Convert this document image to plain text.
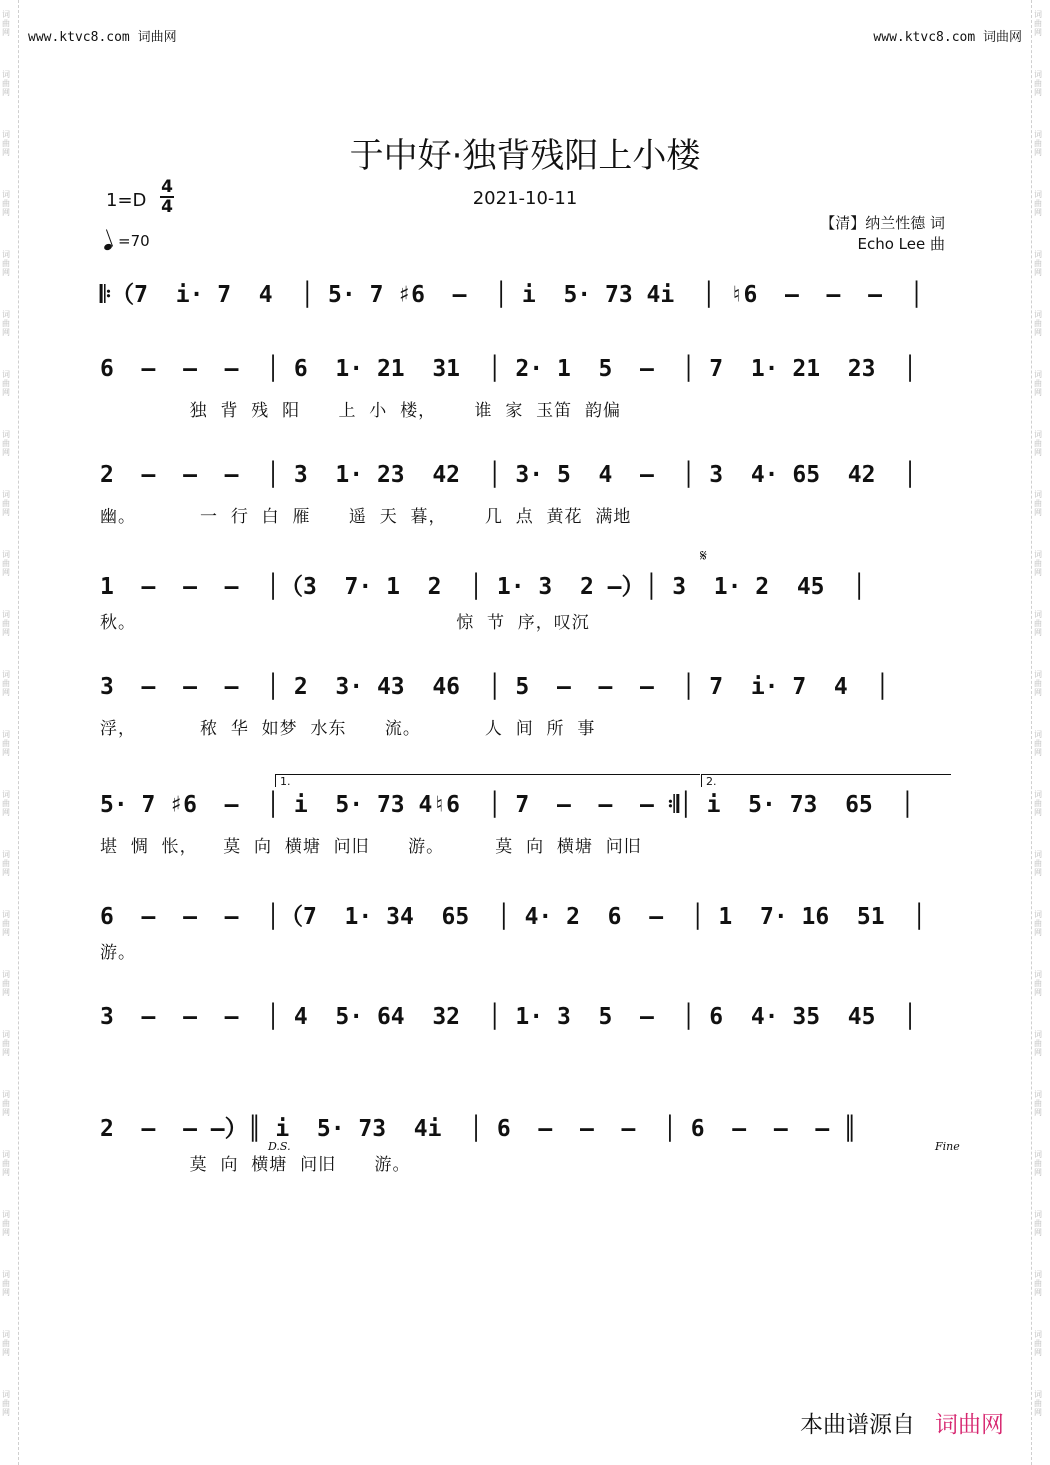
词曲网
词曲网
词曲网
词曲网
词曲网
词曲网
词曲网
词曲网
词曲网
词曲网
词曲网
词曲网
词曲网
词曲网
词曲网
词曲网
词曲网
词曲网
词曲网
词曲网
词曲网
词曲网
词曲网
词曲网
词曲网
词曲网
词曲网
词曲网
词曲网
词曲网
词曲网
词曲网
词曲网
词曲网
词曲网
词曲网
词曲网
词曲网
词曲网
词曲网
词曲网
词曲网
词曲网
词曲网
词曲网
词曲网
词曲网
词曲网
www.ktvc8.com 词曲网	www.ktvc8.com 词曲网
于中好·独背残阳上小楼
2021-10-11
$1=D \frac{4}{4}$
=70
【清】纳兰性德 词
Echo Lee 曲
𝄆（7  i· 7  4  │ 5· 7 ♯6  –  │ i  5· 73 4i  │ ♮6  –  –  –  │
6  –  –  –  │ 6  1· 21  31  │ 2· 1  5  –  │ 7  1· 21  23  │
独  背  残  阳      上  小  楼，      谁  家  玉笛  韵偏
2  –  –  –  │ 3  1· 23  42  │ 3· 5  4  –  │ 3  4· 65  42  │
幽。          一  行  白  雁      遥  天  暮，      几  点  黄花  满地
𝄋
1  –  –  –  │（3  7· 1  2  │ 1· 3  2 –）│ 3  1· 2  45  │
秋。                                                  惊  节  序，叹沉
3  –  –  –  │ 2  3· 43  46  │ 5  –  –  –  │ 7  i· 7  4  │
浮，          秾  华  如梦  水东      流。          人  间  所  事
1.	2.
5· 7 ♯6  –  │ i  5· 73 4♮6  │ 7  –  –  – 𝄇│ i  5· 73  65  │
堪  惆  怅，    莫  向  横塘  问旧      游。        莫  向  横塘  问旧
6  –  –  –  │（7  1· 34  65  │ 4· 2  6  –  │ 1  7· 16  51  │
游。
3  –  –  –  │ 4  5· 64  32  │ 1· 3  5  –  │ 6  4· 35  45  │
2  –  – –）║ i  5· 73  4i  │ 6  –  –  –  │ 6  –  –  – ║
D.S.	Fine
莫  向  横塘  问旧      游。
本曲谱源自 词曲网
